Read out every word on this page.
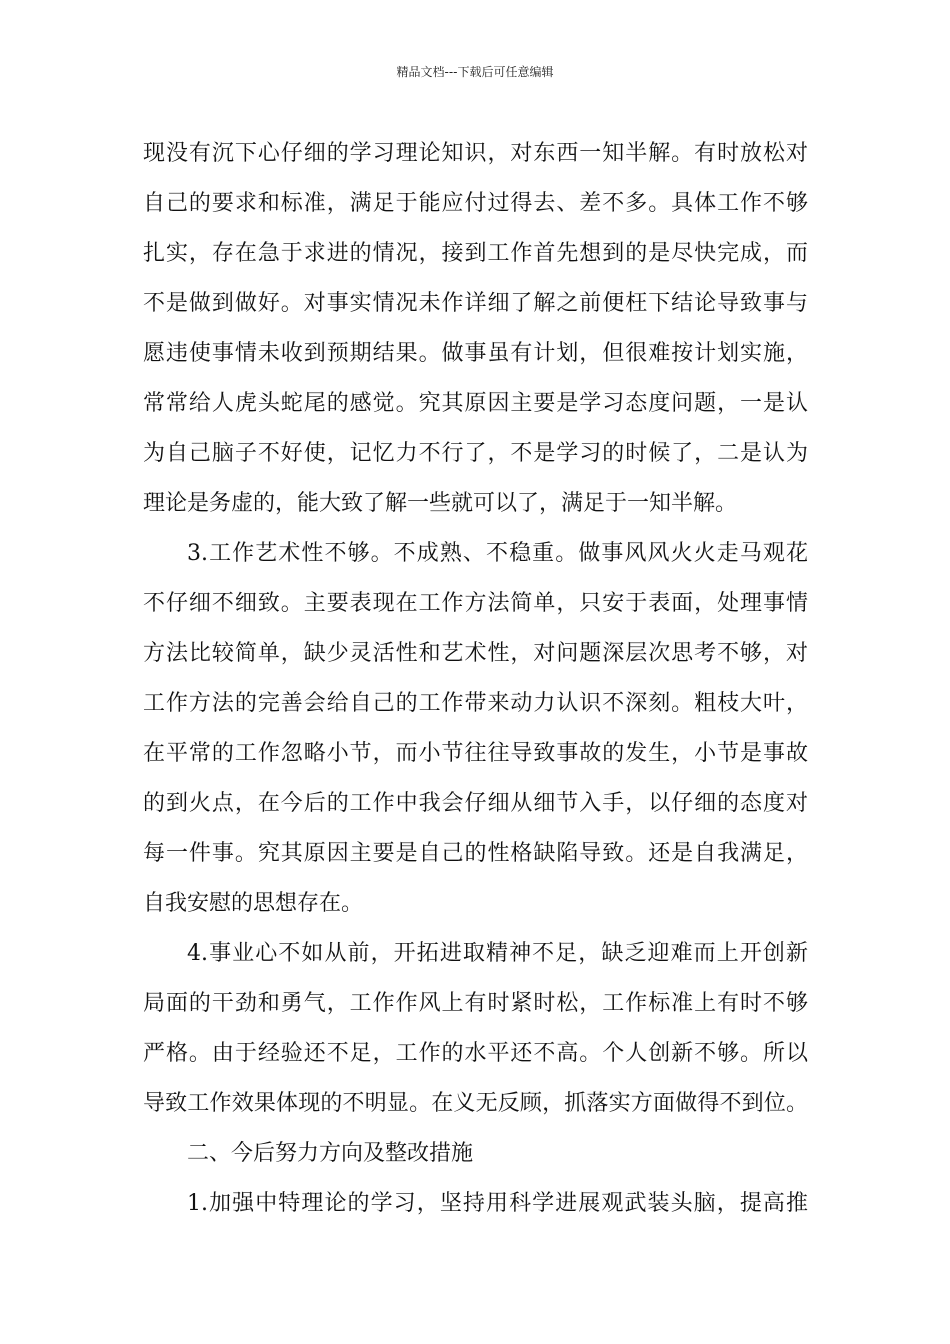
精品文档---下载后可任意编辑
现没有沉下心仔细的学习理论知识，对东西一知半解。有时放松对
自己的要求和标准，满足于能应付过得去、差不多。具体工作不够
扎实，存在急于求进的情况，接到工作首先想到的是尽快完成，而
不是做到做好。对事实情况未作详细了解之前便枉下结论导致事与
愿违使事情未收到预期结果。做事虽有计划，但很难按计划实施，
常常给人虎头蛇尾的感觉。究其原因主要是学习态度问题，一是认
为自己脑子不好使，记忆力不行了，不是学习的时候了，二是认为
理论是务虚的，能大致了解一些就可以了，满足于一知半解。
3.工作艺术性不够。不成熟、不稳重。做事风风火火走马观花
不仔细不细致。主要表现在工作方法简单，只安于表面，处理事情
方法比较简单，缺少灵活性和艺术性，对问题深层次思考不够，对
工作方法的完善会给自己的工作带来动力认识不深刻。粗枝大叶，
在平常的工作忽略小节，而小节往往导致事故的发生，小节是事故
的到火点，在今后的工作中我会仔细从细节入手，以仔细的态度对
每一件事。究其原因主要是自己的性格缺陷导致。还是自我满足，
自我安慰的思想存在。
4.事业心不如从前，开拓进取精神不足，缺乏迎难而上开创新
局面的干劲和勇气，工作作风上有时紧时松，工作标准上有时不够
严格。由于经验还不足，工作的水平还不高。个人创新不够。所以
导致工作效果体现的不明显。在义无反顾，抓落实方面做得不到位。
二、今后努力方向及整改措施
1.加强中特理论的学习，坚持用科学进展观武装头脑，提高推
